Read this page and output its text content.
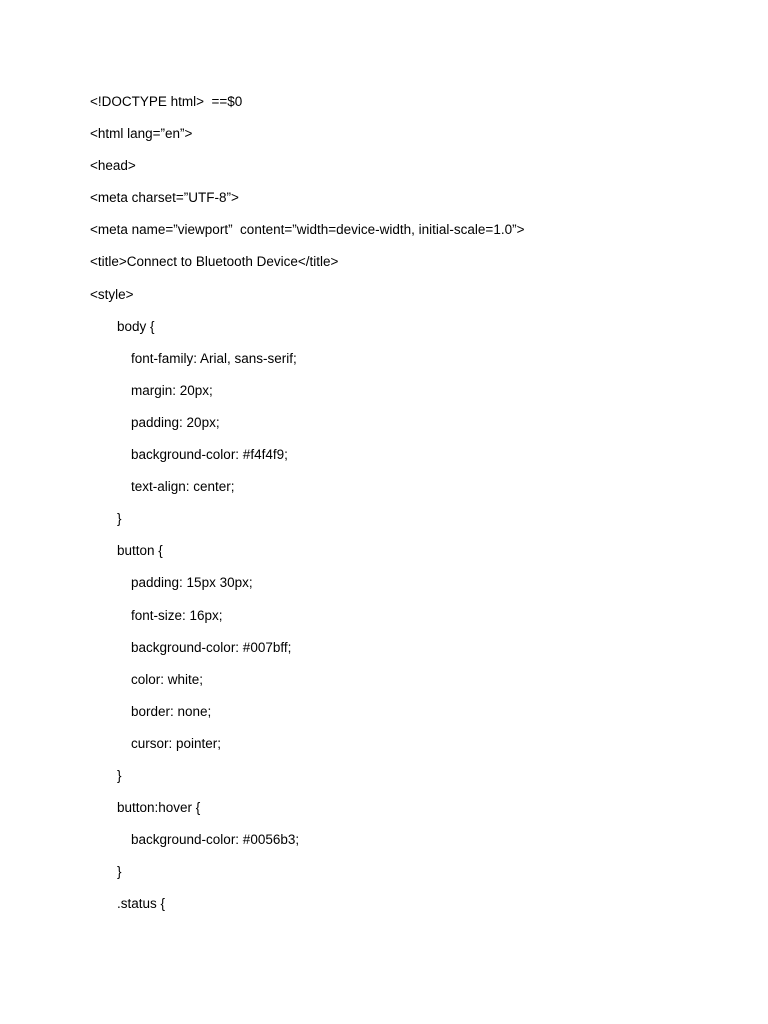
<!DOCTYPE html>  ==$0
<html lang=”en”>
<head>
<meta charset=”UTF-8”>
<meta name=”viewport”  content=”width=device-width, initial-scale=1.0”>
<title>Connect to Bluetooth Device</title>
<style>
body {
font-family: Arial, sans-serif;
margin: 20px;
padding: 20px;
background-color: #f4f4f9;
text-align: center;
}
button {
padding: 15px 30px;
font-size: 16px;
background-color: #007bff;
color: white;
border: none;
cursor: pointer;
}
button:hover {
background-color: #0056b3;
}
.status {
